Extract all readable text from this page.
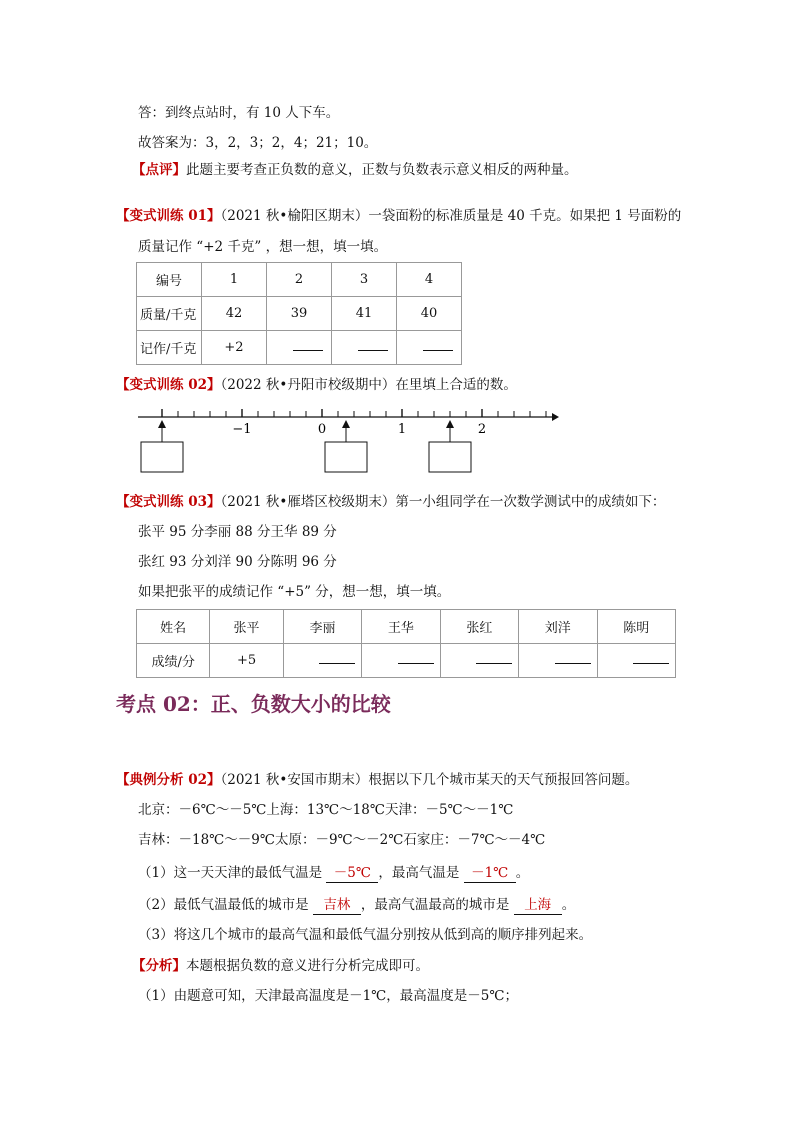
答：到终点站时，有 10 人下车。
故答案为：3，2，3；2，4；21；10。
【点评】此题主要考查正负数的意义，正数与负数表示意义相反的两种量。
【变式训练 01】（2021 秋•榆阳区期末）一袋面粉的标准质量是 40 千克。如果把 1 号面粉的
质量记作 “+2 千克” ，想一想，填一填。
编号	1	2	3	4
质量/千克	42	39	41	40
记作/千克	+2			
【变式训练 02】（2022 秋•丹阳市校级期中）在里填上合适的数。
−1	0	1	2
【变式训练 03】（2021 秋•雁塔区校级期末）第一小组同学在一次数学测试中的成绩如下：
张平 95 分李丽 88 分王华 89 分
张红 93 分刘洋 90 分陈明 96 分
如果把张平的成绩记作 “+5” 分，想一想，填一填。
姓名	张平	李丽	王华	张红	刘洋	陈明
成绩/分	+5					
考点 02：正、负数大小的比较
【典例分析 02】（2021 秋•安国市期末）根据以下几个城市某天的天气预报回答问题。
北京：－6℃～－5℃上海：13℃～18℃天津：－5℃～－1℃
吉林：－18℃～－9℃太原：－9℃～－2℃石家庄：－7℃～－4℃
（1）这一天天津的最低气温是 －5℃ ，最高气温是 －1℃ 。
（2）最低气温最低的城市是 吉林 ，最高气温最高的城市是 上海 。
（3）将这几个城市的最高气温和最低气温分别按从低到高的顺序排列起来。
【分析】本题根据负数的意义进行分析完成即可。
（1）由题意可知，天津最高温度是－1℃，最高温度是－5℃；
